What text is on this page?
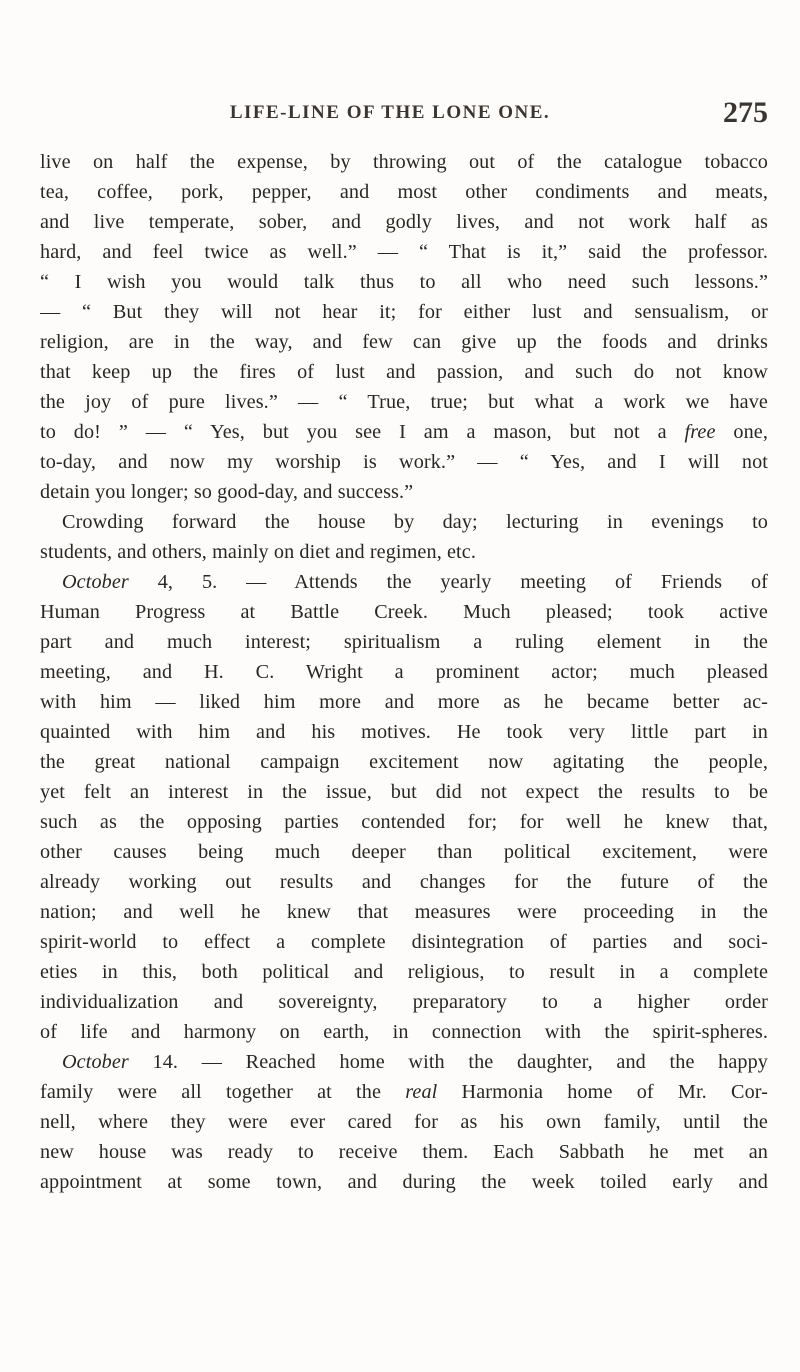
LIFE-LINE OF THE LONE ONE.	275
live on half the expense, by throwing out of the catalogue tobacco
tea, coffee, pork, pepper, and most other condiments and meats,
and live temperate, sober, and godly lives, and not work half as
hard, and feel twice as well.” — “ That is it,” said the professor.
“ I wish you would talk thus to all who need such lessons.”
— “ But they will not hear it; for either lust and sensualism, or
religion, are in the way, and few can give up the foods and drinks
that keep up the fires of lust and passion, and such do not know
the joy of pure lives.” — “ True, true; but what a work we have
to do! ” — “ Yes, but you see I am a mason, but not a free one,
to-day, and now my worship is work.” — “ Yes, and I will not
detain you longer; so good-day, and success.”
Crowding forward the house by day; lecturing in evenings to
students, and others, mainly on diet and regimen, etc.
October 4, 5. — Attends the yearly meeting of Friends of
Human Progress at Battle Creek. Much pleased; took active
part and much interest; spiritualism a ruling element in the
meeting, and H. C. Wright a prominent actor; much pleased
with him — liked him more and more as he became better ac-
quainted with him and his motives. He took very little part in
the great national campaign excitement now agitating the people,
yet felt an interest in the issue, but did not expect the results to be
such as the opposing parties contended for; for well he knew that,
other causes being much deeper than political excitement, were
already working out results and changes for the future of the
nation; and well he knew that measures were proceeding in the
spirit-world to effect a complete disintegration of parties and soci-
eties in this, both political and religious, to result in a complete
individualization and sovereignty, preparatory to a higher order
of life and harmony on earth, in connection with the spirit-spheres.
October 14. — Reached home with the daughter, and the happy
family were all together at the real Harmonia home of Mr. Cor-
nell, where they were ever cared for as his own family, until the
new house was ready to receive them. Each Sabbath he met an
appointment at some town, and during the week toiled early and
